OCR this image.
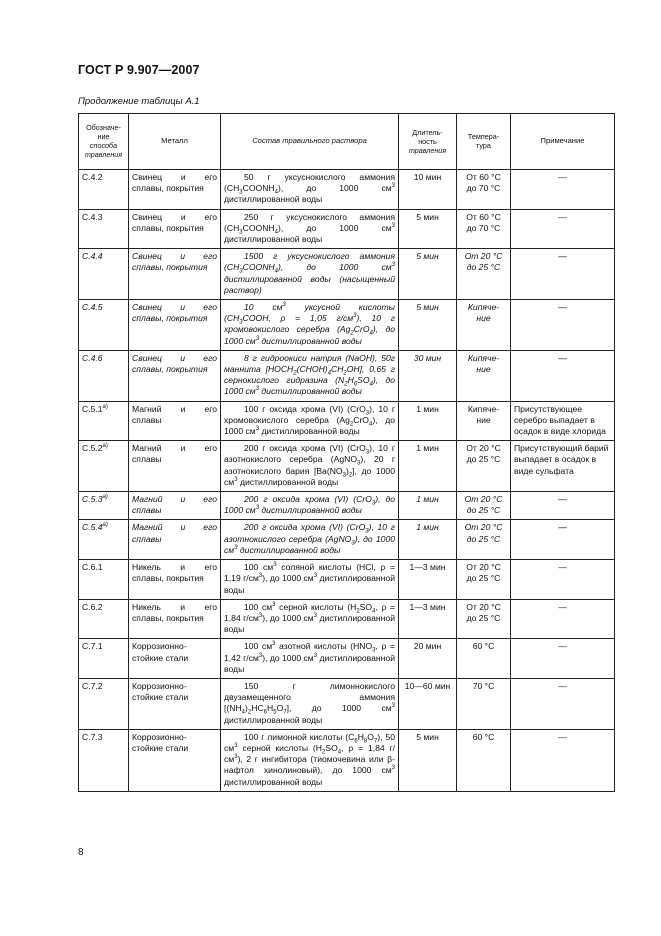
ГОСТ Р 9.907—2007
Продолжение таблицы А.1
Обозначе-
ние
способа
травления	Металл	Состав травильного раствора	Длитель-
ность
травления	Темпера-
тура	Примечание
С.4.2	Свинец и его
сплавы, покрытия	50 г уксуснокислого аммония $(CH_3COONH_4)$, до 1000 $см^3$ дистиллированной воды	10 мин	От 60 °С
до 70 °С	—
С.4.3	Свинец и его
сплавы, покрытия	250 г уксуснокислого аммония $(CH_3COONH_4)$, до 1000 $см^3$ дистиллированной воды	5 мин	От 60 °С
до 70 °С	—
С.4.4	Свинец и его
сплавы, покрытия	1500 г уксуснокислого аммония $(CH_3COONH_4)$, до 1000 $см^3$ дистиллированной воды (насыщенный раствор)	5 мин	От 20 °С
до 25 °С	—
С.4.5	Свинец и его
сплавы, покрытия	10 $см^3$ уксусной кислоты ($CH_3COOH$, ρ = 1,05 $г/см^3$), 10 г хромовокислого серебра $(Ag_2CrO_4)$, до 1000 $см^3$ дистиллированной воды	5 мин	Кипяче-
ние	—
С.4.6	Свинец и его
сплавы, покрытия	8 г гидроокиси натрия (NaOH), 50г маннита $[HOCH_2(CHOH)_4CH_2OH]$, 0,65 г сернокислого гидразина $(N_2H_6SO_4)$, до 1000 $см^3$ дистиллированной воды	30 мин	Кипяче-
ние	—
$С.5.1^{а)}$	Магний и его
сплавы	100 г оксида хрома (VI) (CrO$_3$), 10 г хромовокислого серебра $(Ag_2CrO_4)$, до 1000 $см^3$ дистиллированной воды	1 мин	Кипяче-
ние	Присутствующее серебро выпадает в осадок в виде хлорида
$С.5.2^{а)}$	Магний и его
сплавы	200 г оксида хрома (VI) (CrO$_3$), 10 г азотнокислого серебра (AgNO$_3$), 20 г азотнокислого бария $[Ba(NO_3)_2]$, до 1000 $см^3$ дистиллированной воды	1 мин	От 20 °С
до 25 °С	Присутствующий барий выпадает в осадок в виде сульфата
$С.5.3^{а)}$	Магний и его
сплавы	200 г оксида хрома (VI) (CrO$_3$), до 1000 $см^3$ дистиллированной воды	1 мин	От 20 °С
до 25 °С	—
$С.5.4^{а)}$	Магний и его
сплавы	200 г оксида хрома (VI) (CrO$_3$), 10 г азотнокислого серебра (AgNO$_3$), до 1000 $см^3$ дистиллированной воды	1 мин	От 20 °С
до 25 °С	—
С.6.1	Никель и его
сплавы, покрытия	100 $см^3$ соляной кислоты (HCl, ρ = 1,19 $г/см^3$), до 1000 $см^3$ дистиллированной воды	1—3 мин	От 20 °С
до 25 °С	—
С.6.2	Никель и его
сплавы, покрытия	100 $см^3$ серной кислоты ($H_2SO_4$, ρ = 1,84 $г/см^3$), до 1000 $см^3$ дистиллированной воды	1—3 мин	От 20 °С
до 25 °С	—
С.7.1	Коррозионно-
стойкие стали	100 $см^3$ азотной кислоты ($HNO_3$, ρ = 1,42 $г/см^3$), до 1000 $см^3$ дистиллированной воды	20 мин	60 °С	—
С.7.2	Коррозионно-
стойкие стали	150 г лимоннокислого двузамещенного аммония $[(NH_4)_2HC_6H_5O_7]$, до 1000 $см^3$ дистиллированной воды	10—60 мин	70 °С	—
С.7.3	Коррозионно-
стойкие стали	100 г лимонной кислоты $(C_6H_8O_7)$, 50 $см^3$ серной кислоты ($H_2SO_4$, ρ = 1,84 $г/см^3$), 2 г ингибитора (тиомочевина или β-нафтол хинолиновый), до 1000 $см^3$ дистиллированной воды	5 мин	60 °С	—
8
